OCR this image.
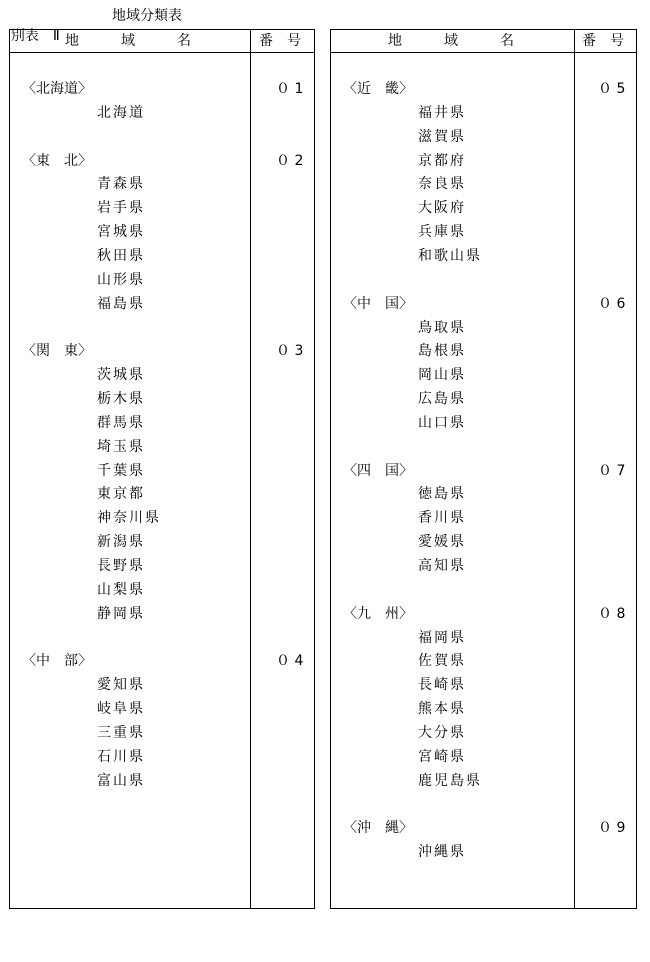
別表　Ⅱ

地域分類表

地　　　域　　　名	番　号
〈北海道〉	０ 1
北海道
〈東　北〉	０ 2
青森県
岩手県
宮城県
秋田県
山形県
福島県
〈関　東〉	０ 3
茨城県
栃木県
群馬県
埼玉県
千葉県
東京都
神奈川県
新潟県
長野県
山梨県
静岡県
〈中　部〉	０ 4
愛知県
岐阜県
三重県
石川県
富山県
地　　　域　　　名	番　号
〈近　畿〉	０ 5
福井県
滋賀県
京都府
奈良県
大阪府
兵庫県
和歌山県
〈中　国〉	０ 6
鳥取県
島根県
岡山県
広島県
山口県
〈四　国〉	０ 7
徳島県
香川県
愛媛県
高知県
〈九　州〉	０ 8
福岡県
佐賀県
長崎県
熊本県
大分県
宮崎県
鹿児島県
〈沖　縄〉	０ 9
沖縄県
